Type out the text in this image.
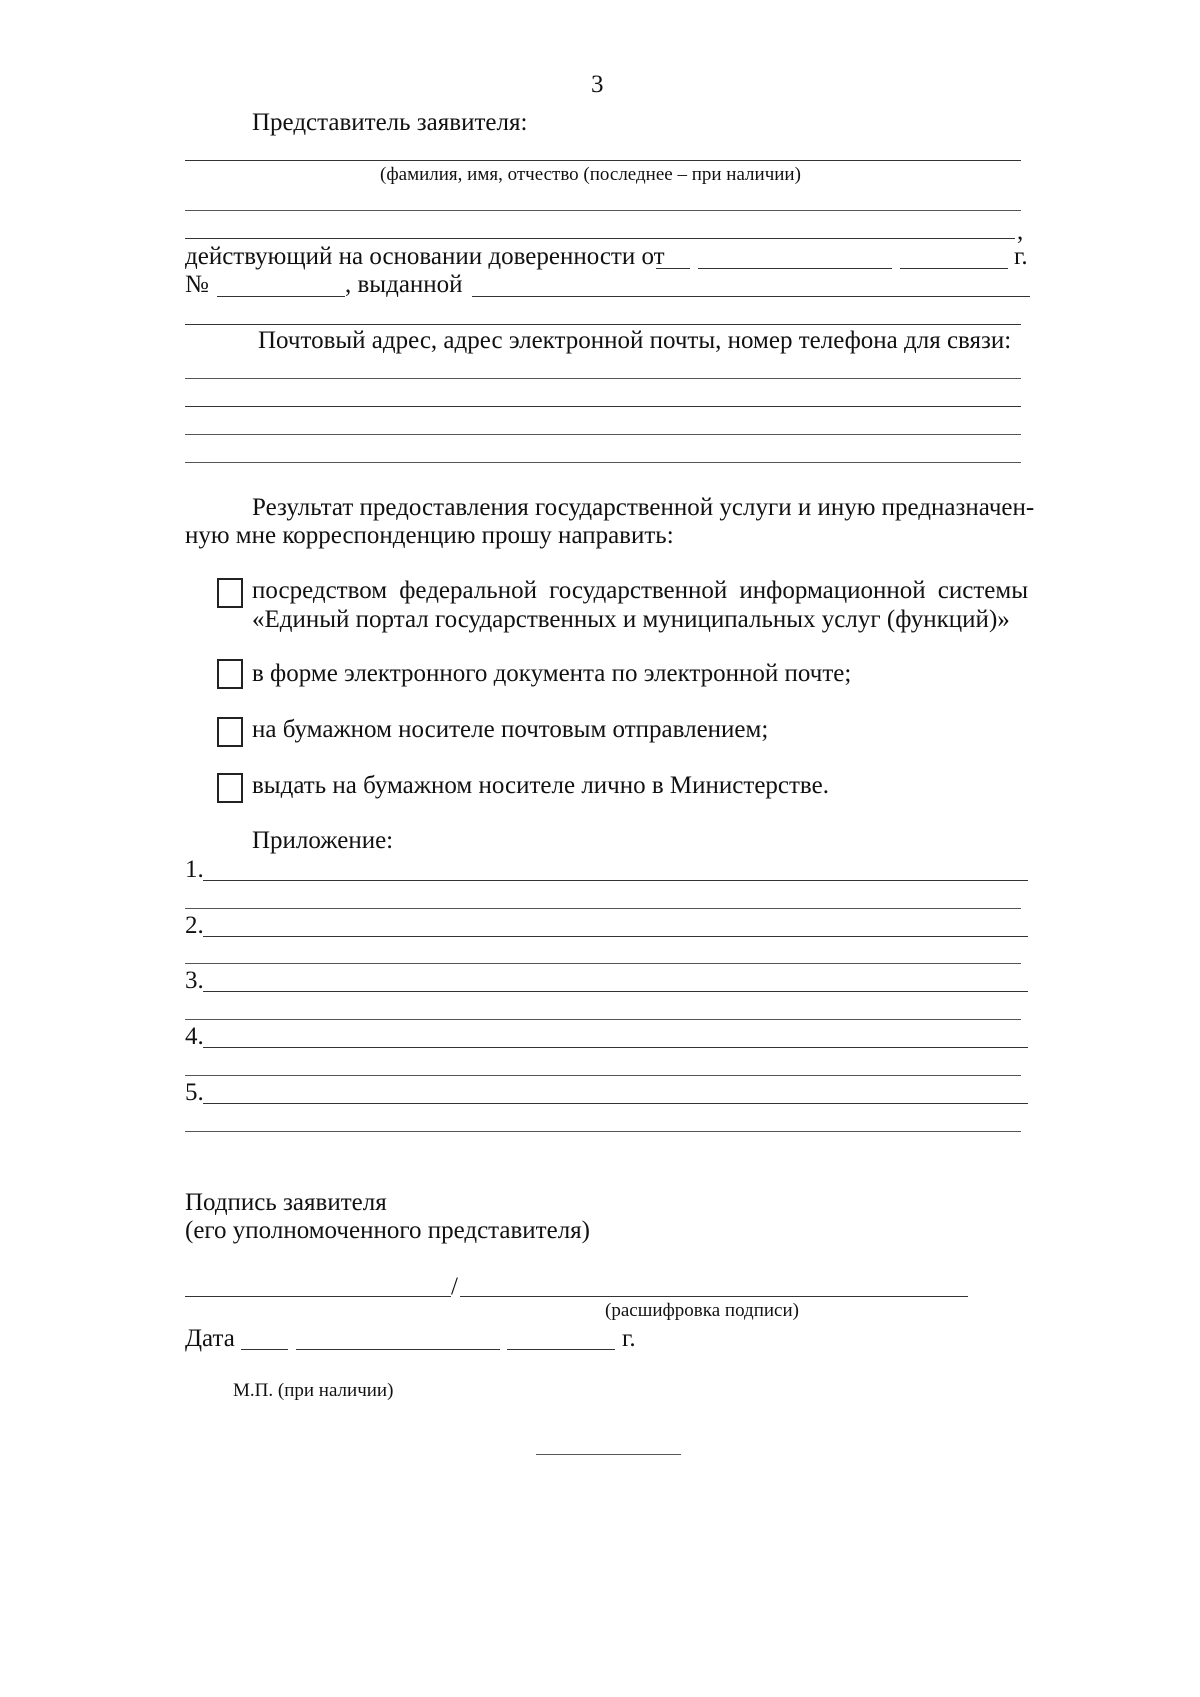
3
Представитель заявителя:
(фамилия, имя, отчество (последнее – при наличии)
,
действующий на основании доверенности от	г.
№	, выданной
Почтовый адрес, адрес электронной почты, номер телефона для связи:
Результат предоставления государственной услуги и иную предназначен-
ную мне корреспонденцию прошу направить:
посредством федеральной государственной информационной системы
«Единый портал государственных и муниципальных услуг (функций)»
в форме электронного документа по электронной почте;
на бумажном носителе почтовым отправлением;
выдать на бумажном носителе лично в Министерстве.
Приложение:
1.
2.
3.
4.
5.
Подпись заявителя
(его уполномоченного представителя)
/
(расшифровка подписи)
Дата	г.
М.П. (при наличии)
